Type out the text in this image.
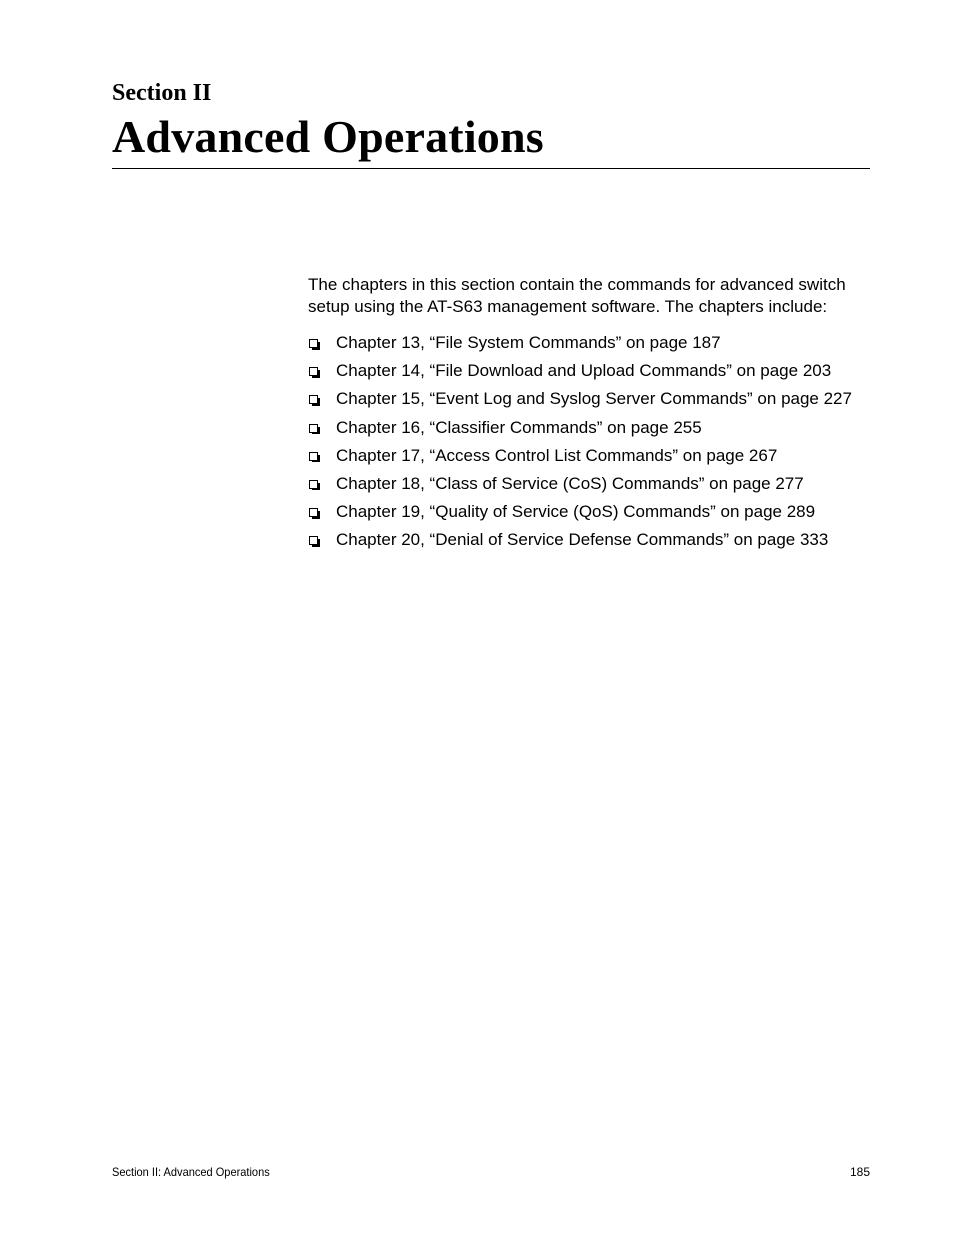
Section II
Advanced Operations

The chapters in this section contain the commands for advanced switch setup using the AT-S63 management software. The chapters include:

Chapter 13, “File System Commands” on page 187
Chapter 14, “File Download and Upload Commands” on page 203
Chapter 15, “Event Log and Syslog Server Commands” on page 227
Chapter 16, “Classifier Commands” on page 255
Chapter 17, “Access Control List Commands” on page 267
Chapter 18, “Class of Service (CoS) Commands” on page 277
Chapter 19, “Quality of Service (QoS) Commands” on page 289
Chapter 20, “Denial of Service Defense Commands” on page 333
Section II: Advanced Operations	185
